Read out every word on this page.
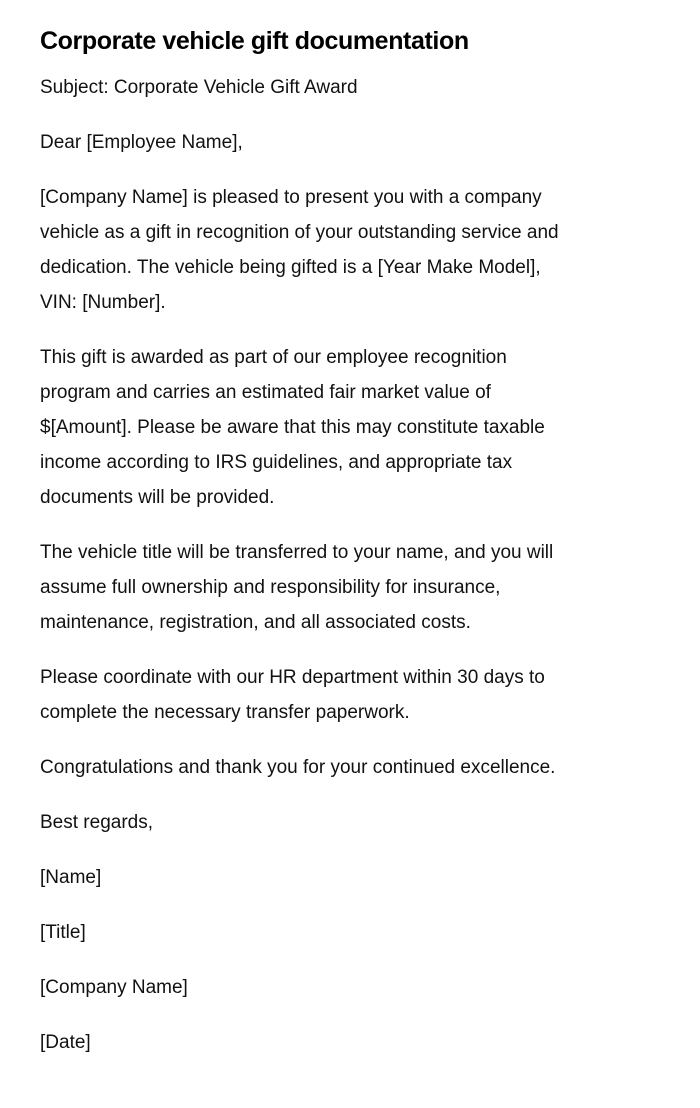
Corporate vehicle gift documentation

Subject: Corporate Vehicle Gift Award

Dear [Employee Name],

[Company Name] is pleased to present you with a company
vehicle as a gift in recognition of your outstanding service and
dedication. The vehicle being gifted is a [Year Make Model],
VIN: [Number].

This gift is awarded as part of our employee recognition
program and carries an estimated fair market value of
$[Amount]. Please be aware that this may constitute taxable
income according to IRS guidelines, and appropriate tax
documents will be provided.

The vehicle title will be transferred to your name, and you will
assume full ownership and responsibility for insurance,
maintenance, registration, and all associated costs.

Please coordinate with our HR department within 30 days to
complete the necessary transfer paperwork.

Congratulations and thank you for your continued excellence.

Best regards,

[Name]

[Title]

[Company Name]

[Date]
